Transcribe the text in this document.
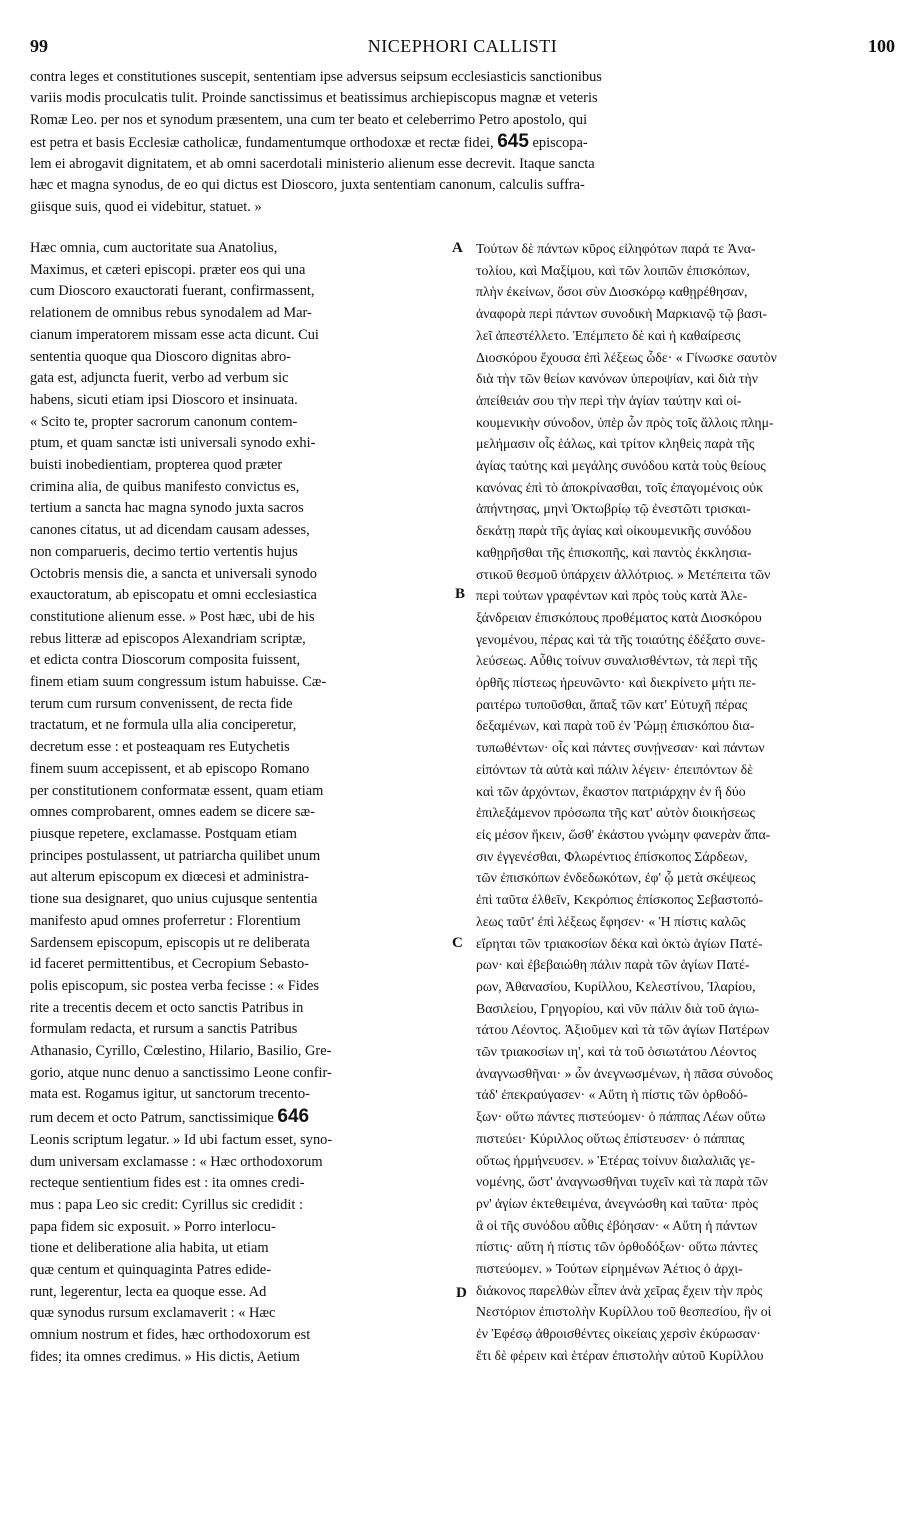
99	NICEPHORI CALLISTI	100
contra leges et constitutiones suscepit, sententiam ipse adversus seipsum ecclesiasticis sanctionibus
variis modis proculcatis tulit. Proinde sanctissimus et beatissimus archiepiscopus magnæ et veteris
Romæ Leo. per nos et synodum præsentem, una cum ter beato et celeberrimo Petro apostolo, qui
est petra et basis Ecclesiæ catholicæ, fundamentumque orthodoxæ et rectæ fidei, 645 episcopa-
lem ei abrogavit dignitatem, et ab omni sacerdotali ministerio alienum esse decrevit. Itaque sancta
hæc et magna synodus, de eo qui dictus est Dioscoro, juxta sententiam canonum, calculis suffra-
giisque suis, quod ei videbitur, statuet. »
Hæc omnia, cum auctoritate sua Anatolius,
Maximus, et cæteri episcopi. præter eos qui una
cum Dioscoro exauctorati fuerant, confirmassent,
relationem de omnibus rebus synodalem ad Mar-
cianum imperatorem missam esse acta dicunt. Cui
sententia quoque qua Dioscoro dignitas abro-
gata est, adjuncta fuerit, verbo ad verbum sic
habens, sicuti etiam ipsi Dioscoro et insinuata.
« Scito te, propter sacrorum canonum contem-
ptum, et quam sanctæ isti universali synodo exhi-
buisti inobedientiam, propterea quod præter
crimina alia, de quibus manifesto convictus es,
tertium a sancta hac magna synodo juxta sacros
canones citatus, ut ad dicendam causam adesses,
non comparueris, decimo tertio vertentis hujus
Octobris mensis die, a sancta et universali synodo
exauctoratum, ab episcopatu et omni ecclesiastica
constitutione alienum esse. » Post hæc, ubi de his
rebus litteræ ad episcopos Alexandriam scriptæ,
et edicta contra Dioscorum composita fuissent,
finem etiam suum congressum istum habuisse. Cæ-
terum cum rursum convenissent, de recta fide
tractatum, et ne formula ulla alia conciperetur,
decretum esse : et posteaquam res Eutychetis
finem suum accepissent, et ab episcopo Romano
per constitutionem conformatæ essent, quam etiam
omnes comprobarent, omnes eadem se dicere sæ-
piusque repetere, exclamasse. Postquam etiam
principes postulassent, ut patriarcha quilibet unum
aut alterum episcopum ex diœcesi et administra-
tione sua designaret, quo unius cujusque sententia
manifesto apud omnes proferretur : Florentium
Sardensem episcopum, episcopis ut re deliberata
id faceret permittentibus, et Cecropium Sebasto-
polis episcopum, sic postea verba fecisse : « Fides
rite a trecentis decem et octo sanctis Patribus in
formulam redacta, et rursum a sanctis Patribus
Athanasio, Cyrillo, Cœlestino, Hilario, Basilio, Gre-
gorio, atque nunc denuo a sanctissimo Leone confir-
mata est. Rogamus igitur, ut sanctorum trecento-
rum decem et octo Patrum, sanctissimique 646
Leonis scriptum legatur. » Id ubi factum esset, syno-
dum universam exclamasse : « Hæc orthodoxorum
recteque sentientium fides est : ita omnes credi-
mus : papa Leo sic credit: Cyrillus sic credidit :
papa fidem sic exposuit. » Porro interlocu-
tione et deliberatione alia habita, ut etiam
quæ centum et quinquaginta Patres edide-
runt, legerentur, lecta ea quoque esse. Ad
quæ synodus rursum exclamaverit : « Hæc
omnium nostrum et fides, hæc orthodoxorum est
fides; ita omnes credimus. » His dictis, Aetium
A
B
C
D
Τούτων δὲ πάντων κῦρος εἰληφότων παρά τε Ἀνα-
τολίου, καὶ Μαξίμου, καὶ τῶν λοιπῶν ἐπισκόπων,
πλὴν ἐκείνων, ὅσοι σὺν Διοσκόρῳ καθῃρέθησαν,
ἀναφορὰ περὶ πάντων συνοδικὴ Μαρκιανῷ τῷ βασι-
λεῖ ἀπεστέλλετο. Ἐπέμπετο δὲ καὶ ἡ καθαίρεσις
Διοσκόρου ἔχουσα ἐπὶ λέξεως ὧδε· « Γίνωσκε σαυτὸν
διὰ τὴν τῶν θείων κανόνων ὑπεροψίαν, καὶ διὰ τὴν
ἀπείθειάν σου τὴν περὶ τὴν ἁγίαν ταύτην καὶ οἰ-
κουμενικὴν σύνοδον, ὑπὲρ ὧν πρὸς τοῖς ἄλλοις πλημ-
μελήμασιν οἷς ἑάλως, καὶ τρίτον κληθεὶς παρὰ τῆς
ἁγίας ταύτης καὶ μεγάλης συνόδου κατὰ τοὺς θείους
κανόνας ἐπὶ τὸ ἀποκρίνασθαι, τοῖς ἐπαγομένοις οὐκ
ἀπήντησας, μηνὶ Ὀκτωβρίῳ τῷ ἐνεστῶτι τρισκαι-
δεκάτῃ παρὰ τῆς ἁγίας καὶ οἰκουμενικῆς συνόδου
καθῃρῆσθαι τῆς ἐπισκοπῆς, καὶ παντὸς ἐκκλησια-
στικοῦ θεσμοῦ ὑπάρχειν ἀλλότριος. » Μετέπειτα τῶν
περὶ τούτων γραφέντων καὶ πρὸς τοὺς κατὰ Ἀλε-
ξάνδρειαν ἐπισκόπους προθέματος κατὰ Διοσκόρου
γενομένου, πέρας καὶ τὰ τῆς τοιαύτης ἐδέξατο συνε-
λεύσεως. Αὖθις τοίνυν συναλισθέντων, τὰ περὶ τῆς
ὀρθῆς πίστεως ἠρευνῶντο· καὶ διεκρίνετο μήτι πε-
ραιτέρω τυποῦσθαι, ἅπαξ τῶν κατ' Εὐτυχῆ πέρας
δεξαμένων, καὶ παρὰ τοῦ ἐν Ῥώμῃ ἐπισκόπου δια-
τυπωθέντων· οἷς καὶ πάντες συνῄνεσαν· καὶ πάντων
εἰπόντων τὰ αὐτὰ καὶ πάλιν λέγειν· ἐπειπόντων δὲ
καὶ τῶν ἀρχόντων, ἕκαστον πατριάρχην ἐν ἢ δύο
ἐπιλεξάμενον πρόσωπα τῆς κατ' αὐτὸν διοικήσεως
εἰς μέσον ἥκειν, ὥσθ' ἑκάστου γνώμην φανερὰν ἅπα-
σιν ἐγγενέσθαι, Φλωρέντιος ἐπίσκοπος Σάρδεων,
τῶν ἐπισκόπων ἐνδεδωκότων, ἐφ' ᾧ μετὰ σκέψεως
ἐπὶ ταῦτα ἐλθεῖν, Κεκρόπιος ἐπίσκοπος Σεβαστοπό-
λεως ταῦτ' ἐπὶ λέξεως ἔφησεν· « Ἡ πίστις καλῶς
εἴρηται τῶν τριακοσίων δέκα καὶ ὀκτὼ ἁγίων Πατέ-
ρων· καὶ ἐβεβαιώθη πάλιν παρὰ τῶν ἁγίων Πατέ-
ρων, Ἀθανασίου, Κυρίλλου, Κελεστίνου, Ἱλαρίου,
Βασιλείου, Γρηγορίου, καὶ νῦν πάλιν διὰ τοῦ ἁγιω-
τάτου Λέοντος. Ἀξιοῦμεν καὶ τὰ τῶν ἁγίων Πατέρων
τῶν τριακοσίων ιη', καὶ τὰ τοῦ ὁσιωτάτου Λέοντος
ἀναγνωσθῆναι· » ὧν ἀνεγνωσμένων, ἡ πᾶσα σύνοδος
τάδ' ἐπεκραύγασεν· « Αὕτη ἡ πίστις τῶν ὀρθοδό-
ξων· οὕτω πάντες πιστεύομεν· ὁ πάππας Λέων οὕτω
πιστεύει· Κύριλλος οὕτως ἐπίστευσεν· ὁ πάππας
οὕτως ἡρμήνευσεν. » Ἑτέρας τοίνυν διαλαλιᾶς γε-
νομένης, ὥστ' ἀναγνωσθῆναι τυχεῖν καὶ τὰ παρὰ τῶν
ρν' ἁγίων ἐκτεθειμένα, ἀνεγνώσθη καὶ ταῦτα· πρὸς
ἃ οἱ τῆς συνόδου αὖθις ἐβόησαν· « Αὕτη ἡ πάντων
πίστις· αὕτη ἡ πίστις τῶν ὀρθοδόξων· οὕτω πάντες
πιστεύομεν. » Τούτων εἰρημένων Ἀέτιος ὁ ἀρχι-
διάκονος παρελθὼν εἶπεν ἀνὰ χεῖρας ἔχειν τὴν πρὸς
Νεστόριον ἐπιστολὴν Κυρίλλου τοῦ θεσπεσίου, ἣν οἱ
ἐν Ἐφέσῳ ἀθροισθέντες οἰκείαις χερσὶν ἐκύρωσαν·
ἔτι δὲ φέρειν καὶ ἑτέραν ἐπιστολὴν αὐτοῦ Κυρίλλου
